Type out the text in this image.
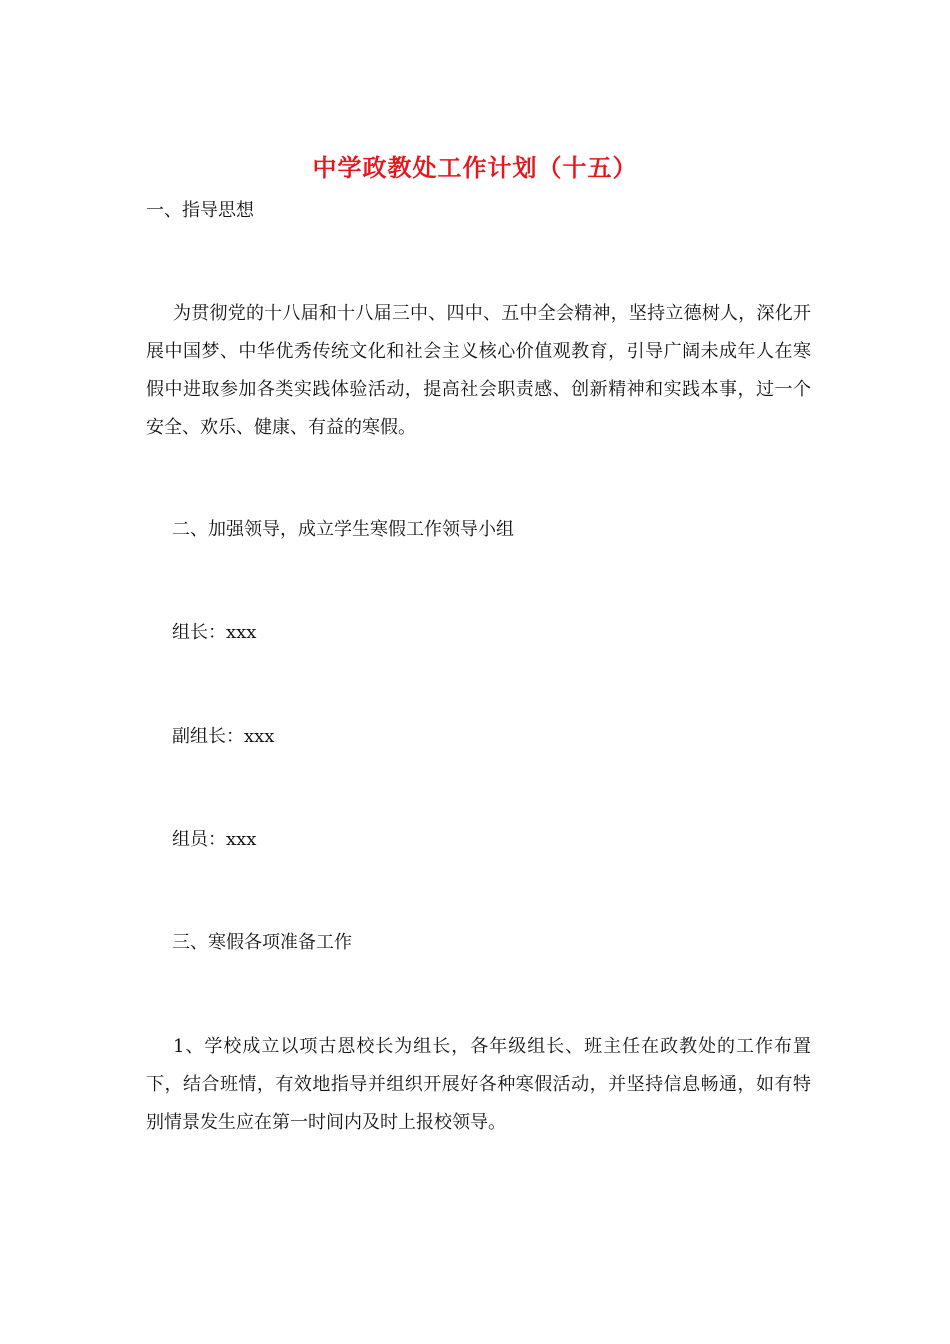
中学政教处工作计划（十五）
一、指导思想
为贯彻党的十八届和十八届三中、四中、五中全会精神，坚持立德树人，深化开展中国梦、中华优秀传统文化和社会主义核心价值观教育，引导广阔未成年人在寒假中进取参加各类实践体验活动，提高社会职责感、创新精神和实践本事，过一个安全、欢乐、健康、有益的寒假。
二、加强领导，成立学生寒假工作领导小组
组长：xxx
副组长：xxx
组员：xxx
三、寒假各项准备工作
1、学校成立以项古恩校长为组长，各年级组长、班主任在政教处的工作布置下，结合班情，有效地指导并组织开展好各种寒假活动，并坚持信息畅通，如有特别情景发生应在第一时间内及时上报校领导。
